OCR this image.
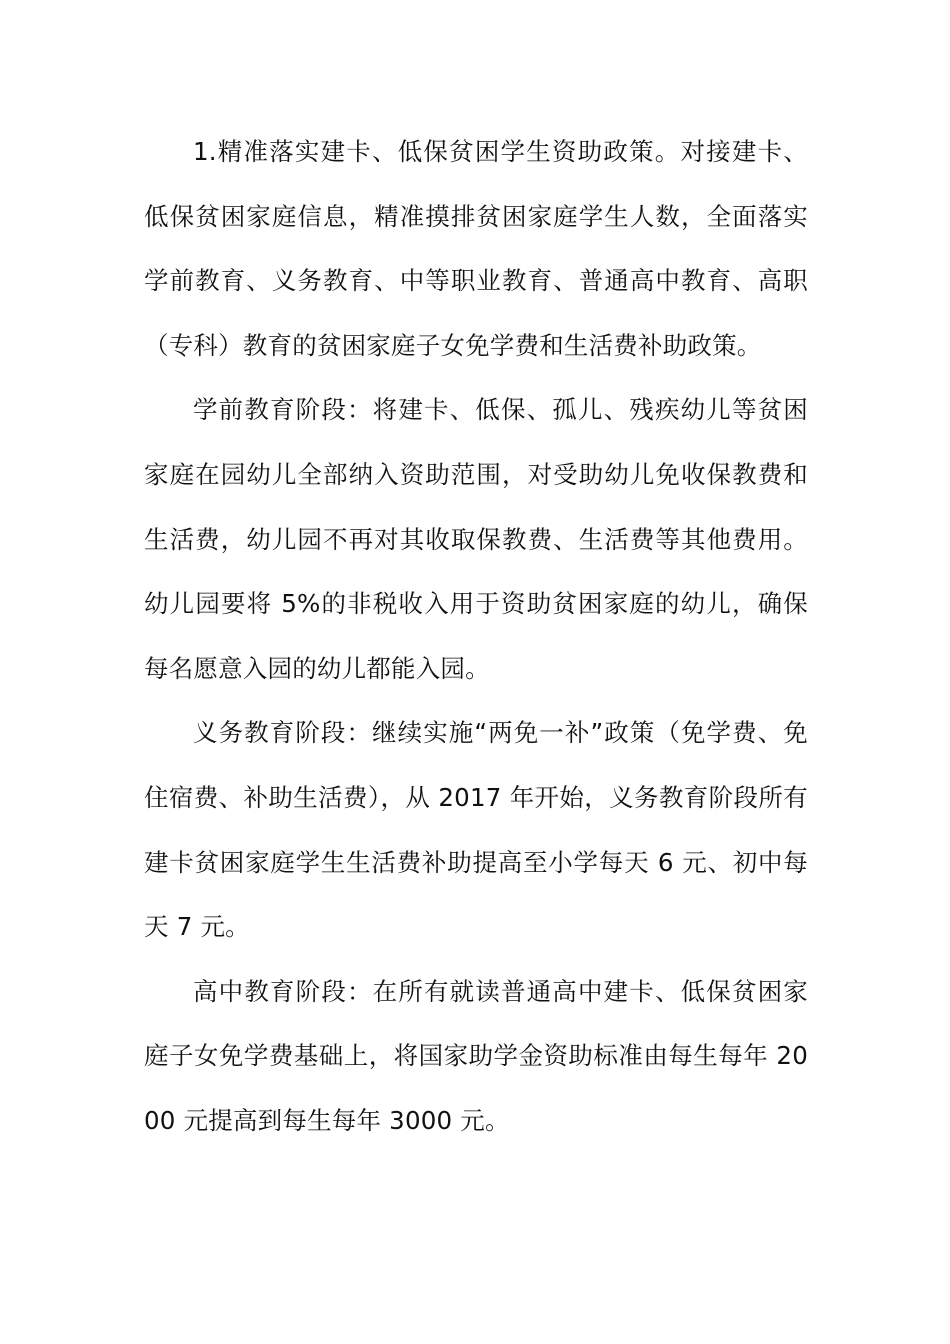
1.精准落实建卡、低保贫困学生资助政策。对接建卡、低保贫困家庭信息，精准摸排贫困家庭学生人数，全面落实学前教育、义务教育、中等职业教育、普通高中教育、高职（专科）教育的贫困家庭子女免学费和生活费补助政策。

学前教育阶段：将建卡、低保、孤儿、残疾幼儿等贫困家庭在园幼儿全部纳入资助范围，对受助幼儿免收保教费和生活费，幼儿园不再对其收取保教费、生活费等其他费用。幼儿园要将 5%的非税收入用于资助贫困家庭的幼儿，确保每名愿意入园的幼儿都能入园。

义务教育阶段：继续实施“两免一补”政策（免学费、免住宿费、补助生活费），从 2017 年开始，义务教育阶段所有建卡贫困家庭学生生活费补助提高至小学每天 6 元、初中每天 7 元。

高中教育阶段：在所有就读普通高中建卡、低保贫困家庭子女免学费基础上，将国家助学金资助标准由每生每年 2000 元提高到每生每年 3000 元。
